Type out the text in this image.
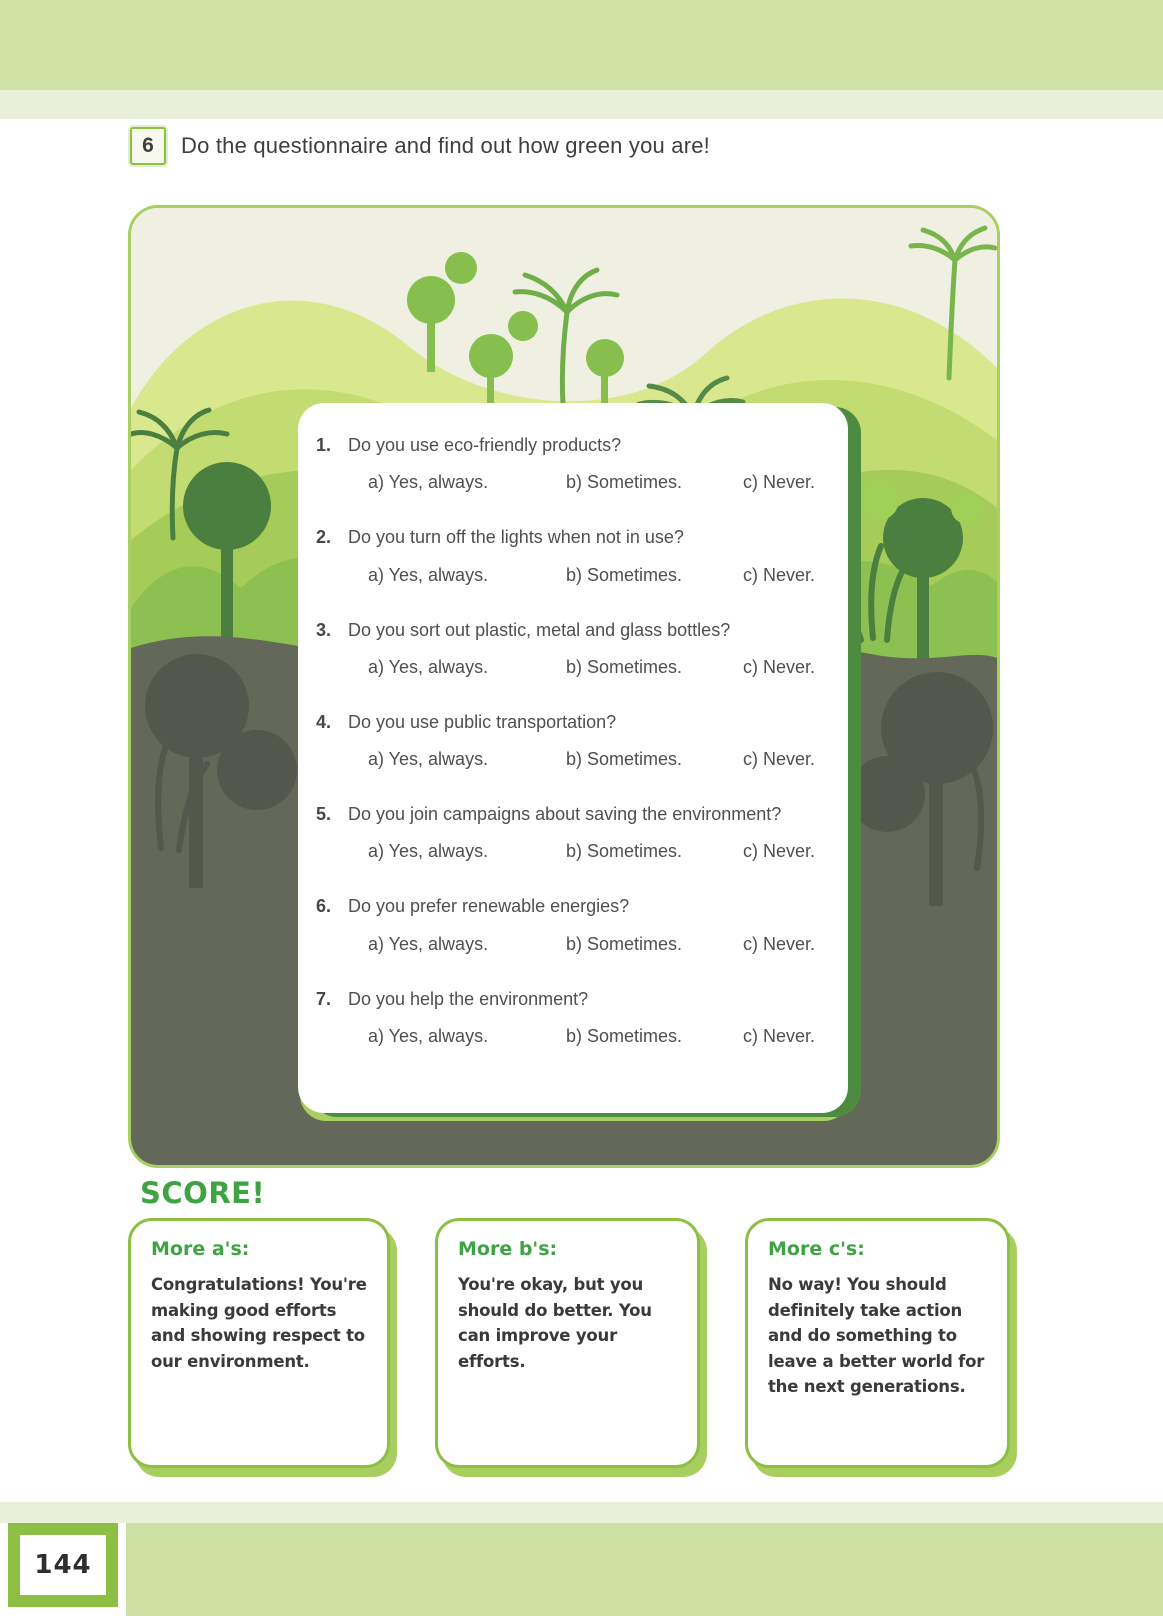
6	Do the questionnaire and find out how green you are!
1. Do you use eco-friendly products?
a) Yes, always.	b) Sometimes.	c) Never.
2. Do you turn off the lights when not in use?
a) Yes, always.	b) Sometimes.	c) Never.
3. Do you sort out plastic, metal and glass bottles?
a) Yes, always.	b) Sometimes.	c) Never.
4. Do you use public transportation?
a) Yes, always.	b) Sometimes.	c) Never.
5. Do you join campaigns about saving the environment?
a) Yes, always.	b) Sometimes.	c) Never.
6. Do you prefer renewable energies?
a) Yes, always.	b) Sometimes.	c) Never.
7. Do you help the environment?
a) Yes, always.	b) Sometimes.	c) Never.
SCORE!
More a's:
Congratulations! You're making good efforts and showing respect to our environment.
More b's:
You're okay, but you should do better. You can improve your efforts.
More c's:
No way! You should definitely take action and do something to leave a better world for the next generations.
144
